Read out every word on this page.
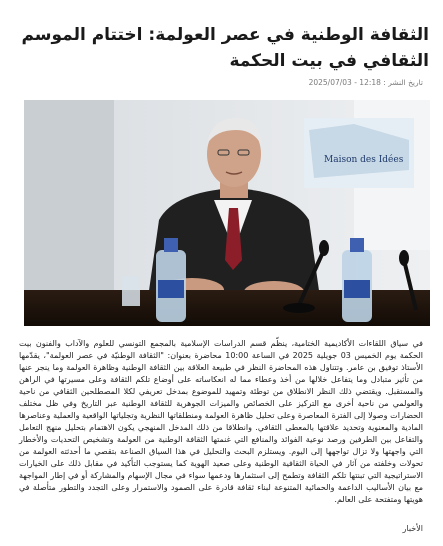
الثقافة الوطنية في عصر العولمة: اختتام الموسم الثقافي في بيت الحكمة
تاريخ النشر : 12:18 - 2025/07/03
Maison des Idées

في سياق اللقاءات الأكاديمية الختامية، ينظّم قسم الدراسات الإسلامية بالمجمع التونسي للعلوم والآداب والفنون بيت الحكمة يوم الخميس 03 جويلية 2025 في الساعة 10:00 محاضرة بعنوان: "الثقافة الوطنيّة في عصر العولمة"، يقدّمها الأستاذ توفيق بن عامر. وتتناول هذه المحاضرة النظر في طبيعة العلاقة بين الثقافة الوطنية وظاهرة العولمة وما ينجر عنها من تأثير متبادل وما يتفاعل خلالها من أخذ وعطاء مما له انعكاساته على أوضاع تلكم الثقافة وعلى مسيرتها في الراهن والمستقبل. ويقتضي ذلك النظر الانطلاق من توطئة وتمهيد للموضوع بمدخل تعريفي لكلا المصطلحين الثقافي من ناحية والعولمي من ناحية أخرى مع التركيز على الخصائص والميزات الجوهرية للثقافة الوطنية عبر التاريخ وفي ظل مختلف الحضارات وصولا إلى الفترة المعاصرة وعلى تحليل ظاهرة العولمة ومنطلقاتها النظرية وتجلياتها الواقعية والعملية وعناصرها المادية والمعنوية وتحديد علاقتها بالمعطى الثقافي. وانطلاقا من ذلك المدخل المنهجي يكون الاهتمام بتحليل منهج التعامل والتفاعل بين الطرفين ورصد نوعية الفوائد والمنافع التي غنمتها الثقافة الوطنية من العولمة وتشخيص التحديات والأخطار التي واجهتها ولا تزال تواجهها إلى اليوم. ويستلزم البحث والتحليل في هذا السياق الصناعة بتقصي ما أحدثته العولمة من تحولات وخلفته من آثار في الحياة الثقافية الوطنية وعلى صعيد الهوية كما يستوجب التأكيد في مقابل ذلك على الخيارات الاستراتيجية التي تبنتها تلكم الثقافة وتطمح إلى استثمارها ودعمها سواء في مجال الإسهام والمشاركة أو في إطار المواجهة مع بيان الأساليب الداعمة والحمائية المتنوعة لبناء ثقافة قادرة على الصمود والاستمرار وعلى التجدد والتطور متأصلة في هويتها ومتفتحة على العالم.

الأخبار
